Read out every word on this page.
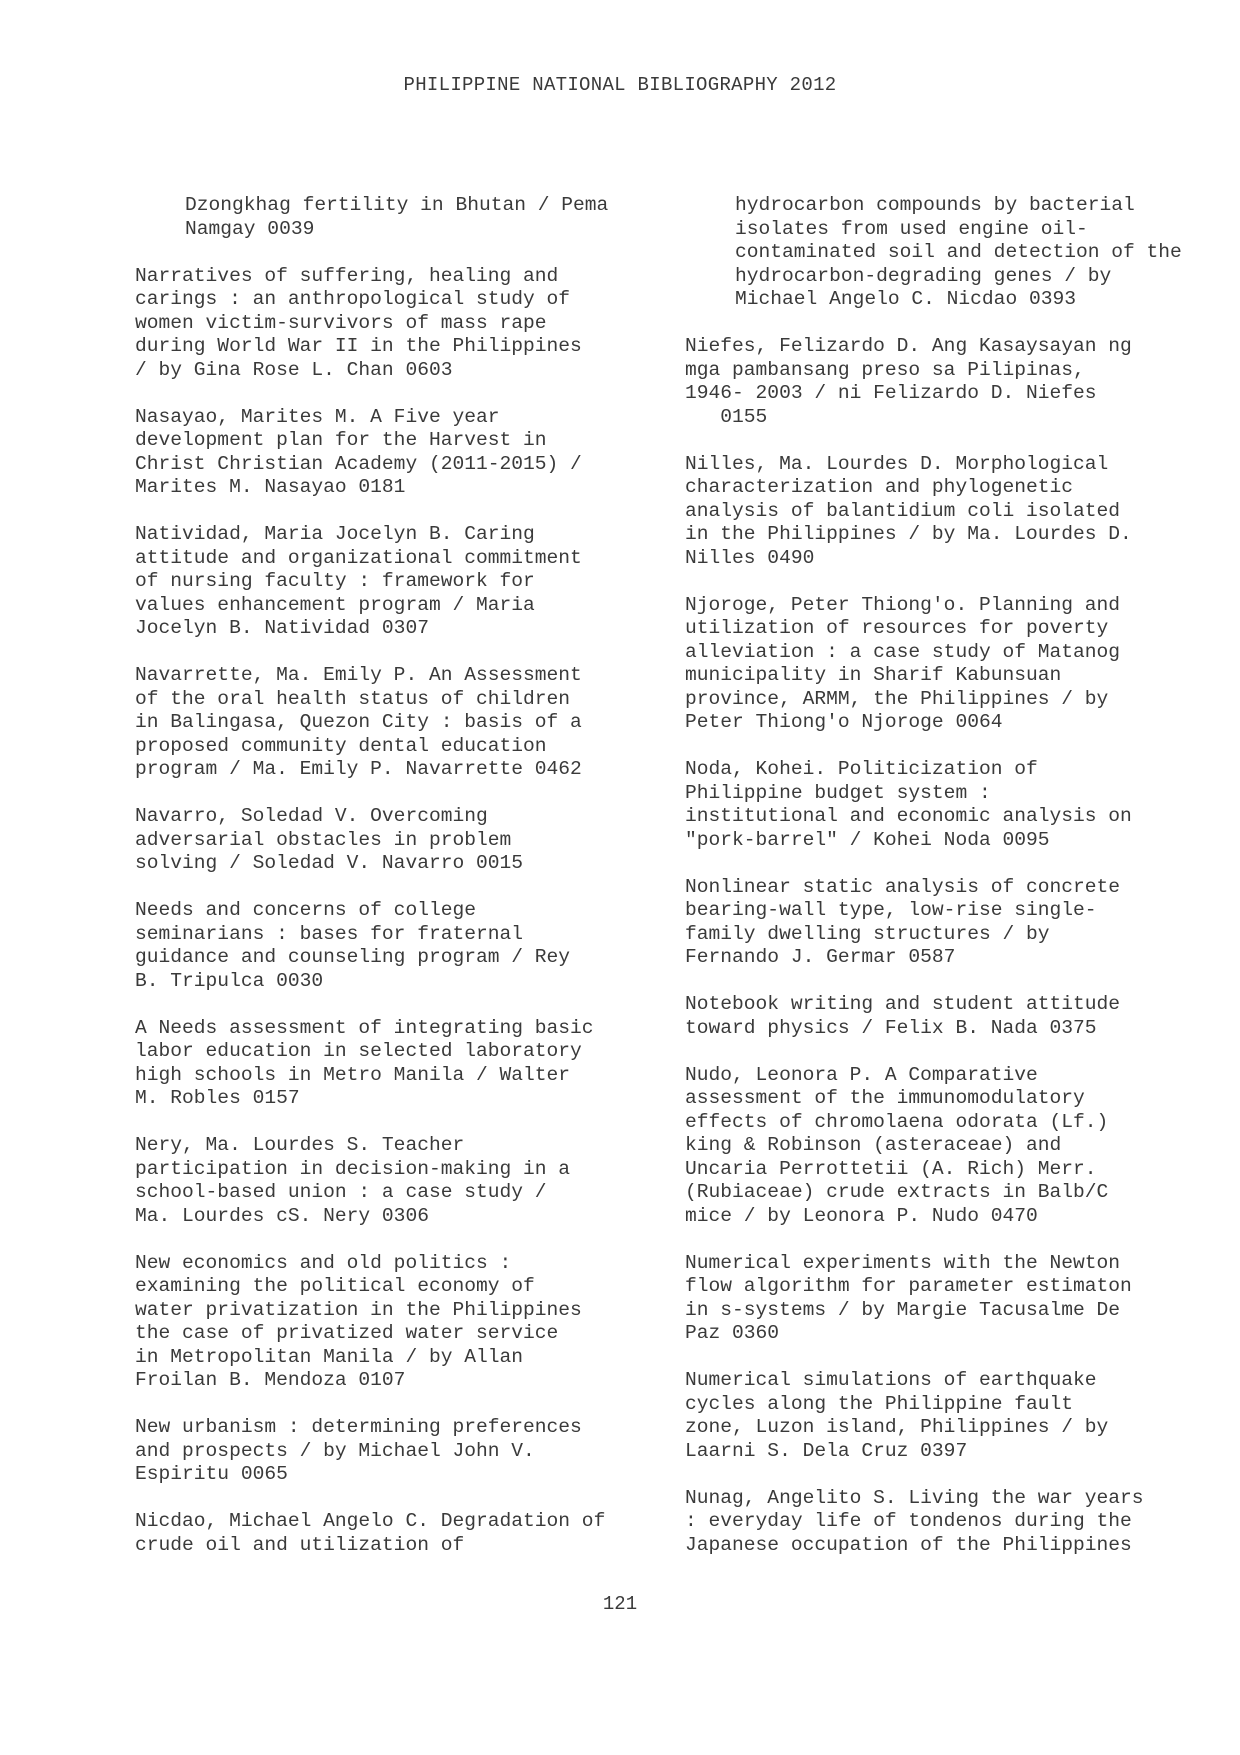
PHILIPPINE NATIONAL BIBLIOGRAPHY 2012
Dzongkhag fertility in Bhutan / Pema
Namgay 0039
Narratives of suffering, healing and
carings : an anthropological study of
women victim-survivors of mass rape
during World War II in the Philippines
/ by Gina Rose L. Chan 0603
Nasayao, Marites M. A Five year
development plan for the Harvest in
Christ Christian Academy (2011-2015) /
Marites M. Nasayao 0181
Natividad, Maria Jocelyn B. Caring
attitude and organizational commitment
of nursing faculty : framework for
values enhancement program / Maria
Jocelyn B. Natividad 0307
Navarrette, Ma. Emily P. An Assessment
of the oral health status of children
in Balingasa, Quezon City : basis of a
proposed community dental education
program / Ma. Emily P. Navarrette 0462
Navarro, Soledad V. Overcoming
adversarial obstacles in problem
solving / Soledad V. Navarro 0015
Needs and concerns of college
seminarians : bases for fraternal
guidance and counseling program / Rey
B. Tripulca 0030
A Needs assessment of integrating basic
labor education in selected laboratory
high schools in Metro Manila / Walter
M. Robles 0157
Nery, Ma. Lourdes S. Teacher
participation in decision-making in a
school-based union : a case study /
Ma. Lourdes cS. Nery 0306
New economics and old politics :
examining the political economy of
water privatization in the Philippines
the case of privatized water service
in Metropolitan Manila / by Allan
Froilan B. Mendoza 0107
New urbanism : determining preferences
and prospects / by Michael John V.
Espiritu 0065
Nicdao, Michael Angelo C. Degradation of
crude oil and utilization of
hydrocarbon compounds by bacterial
isolates from used engine oil-
contaminated soil and detection of the
hydrocarbon-degrading genes / by
Michael Angelo C. Nicdao 0393
Niefes, Felizardo D. Ang Kasaysayan ng
mga pambansang preso sa Pilipinas,
1946- 2003 / ni Felizardo D. Niefes
0155
Nilles, Ma. Lourdes D. Morphological
characterization and phylogenetic
analysis of balantidium coli isolated
in the Philippines / by Ma. Lourdes D.
Nilles 0490
Njoroge, Peter Thiong'o. Planning and
utilization of resources for poverty
alleviation : a case study of Matanog
municipality in Sharif Kabunsuan
province, ARMM, the Philippines / by
Peter Thiong'o Njoroge 0064
Noda, Kohei. Politicization of
Philippine budget system :
institutional and economic analysis on
"pork-barrel" / Kohei Noda 0095
Nonlinear static analysis of concrete
bearing-wall type, low-rise single-
family dwelling structures / by
Fernando J. Germar 0587
Notebook writing and student attitude
toward physics / Felix B. Nada 0375
Nudo, Leonora P. A Comparative
assessment of the immunomodulatory
effects of chromolaena odorata (Lf.)
king & Robinson (asteraceae) and
Uncaria Perrottetii (A. Rich) Merr.
(Rubiaceae) crude extracts in Balb/C
mice / by Leonora P. Nudo 0470
Numerical experiments with the Newton
flow algorithm for parameter estimaton
in s-systems / by Margie Tacusalme De
Paz 0360
Numerical simulations of earthquake
cycles along the Philippine fault
zone, Luzon island, Philippines / by
Laarni S. Dela Cruz 0397
Nunag, Angelito S. Living the war years
: everyday life of tondenos during the
Japanese occupation of the Philippines
121
